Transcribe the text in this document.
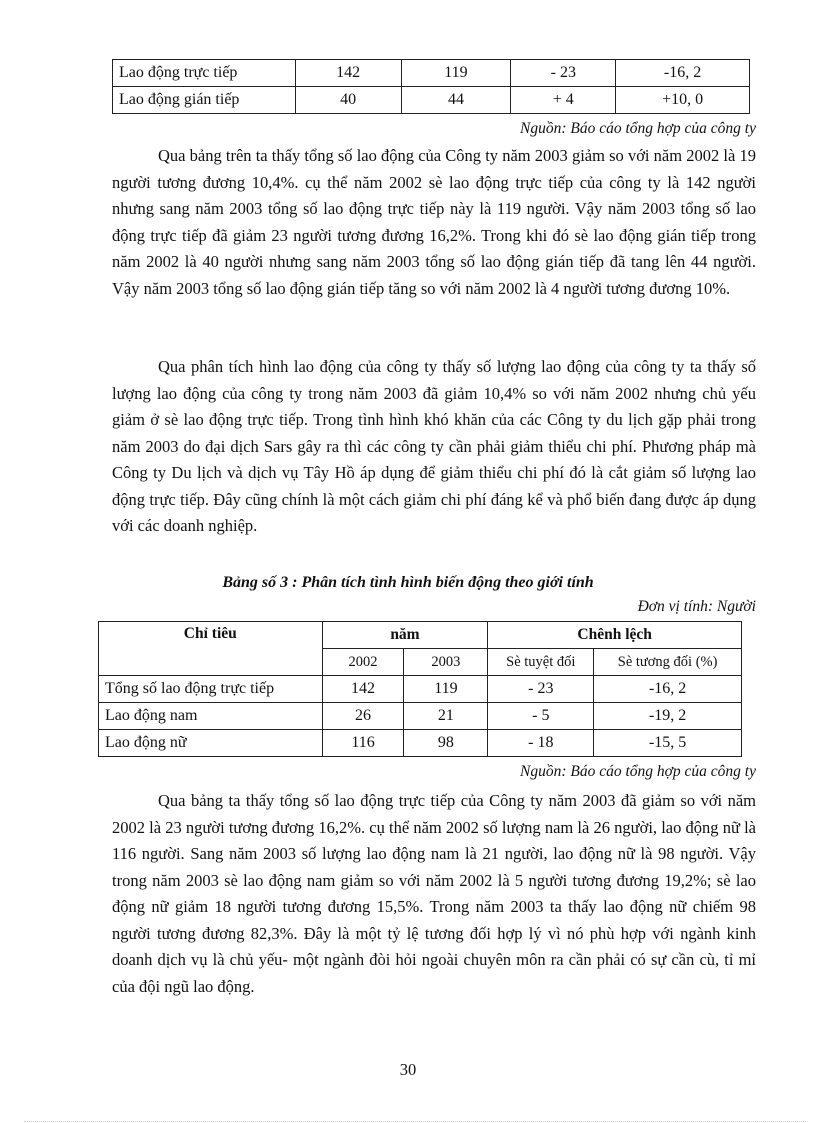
Lao động trực tiếp	142	119	- 23	-16, 2
Lao động gián tiếp	40	44	+ 4	+10, 0
Nguồn: Báo cáo tổng hợp của công ty

Qua bảng trên ta thấy tổng số lao động của Công ty năm 2003 giảm so với năm 2002 là 19 người tương đương 10,4%. cụ thể năm 2002 sè lao động trực tiếp của công ty là 142 người nhưng sang năm 2003 tổng số lao động trực tiếp này là 119 người. Vậy năm 2003 tổng số lao động trực tiếp đã giảm 23 người tương đương 16,2%. Trong khi đó sè lao động gián tiếp trong năm 2002 là 40 người nhưng sang năm 2003 tổng số lao động gián tiếp đã tang lên 44 người. Vậy năm 2003 tổng số lao động gián tiếp tăng so với năm 2002 là 4 người tương đương 10%.

Qua phân tích hình lao động của công ty thấy số lượng lao động của công ty ta thấy số lượng lao động của công ty trong năm 2003 đã giảm 10,4% so với năm 2002 nhưng chủ yếu giảm ở sè lao động trực tiếp. Trong tình hình khó khăn của các Công ty du lịch gặp phải trong năm 2003 do đại dịch Sars gây ra thì các công ty cần phải giảm thiểu chi phí. Phương pháp mà Công ty Du lịch và dịch vụ Tây Hồ áp dụng để giảm thiểu chi phí đó là cắt giảm số lượng lao động trực tiếp. Đây cũng chính là một cách giảm chi phí đáng kể và phổ biến đang được áp dụng với các doanh nghiệp.

Bảng số 3 : Phân tích tình hình biến động theo giới tính
Đơn vị tính: Người
Chỉ tiêu	năm		Chênh lệch	
	2002	2003	Sè tuyệt đối	Sè tương đối (%)
Tổng số lao động trực tiếp	142	119	- 23	-16, 2
Lao động nam	26	21	- 5	-19, 2
Lao động nữ	116	98	- 18	-15, 5
Nguồn: Báo cáo tổng hợp của công ty

Qua bảng ta thấy tổng số lao động trực tiếp của Công ty năm 2003 đã giảm so với năm 2002 là 23 người tương đương 16,2%. cụ thể năm 2002 số lượng nam là 26 người, lao động nữ là 116 người. Sang năm 2003 số lượng lao động nam là 21 người, lao động nữ là 98 người. Vậy trong năm 2003 sè lao động nam giảm so với năm 2002 là 5 người tương đương 19,2%; sè lao động nữ giảm 18 người tương đương 15,5%. Trong năm 2003 ta thấy lao động nữ chiếm 98 người tương đương 82,3%. Đây là một tỷ lệ tương đối hợp lý vì nó phù hợp với ngành kinh doanh dịch vụ là chủ yếu- một ngành đòi hỏi ngoài chuyên môn ra cần phải có sự cần cù, tỉ mỉ của đội ngũ lao động.

30
